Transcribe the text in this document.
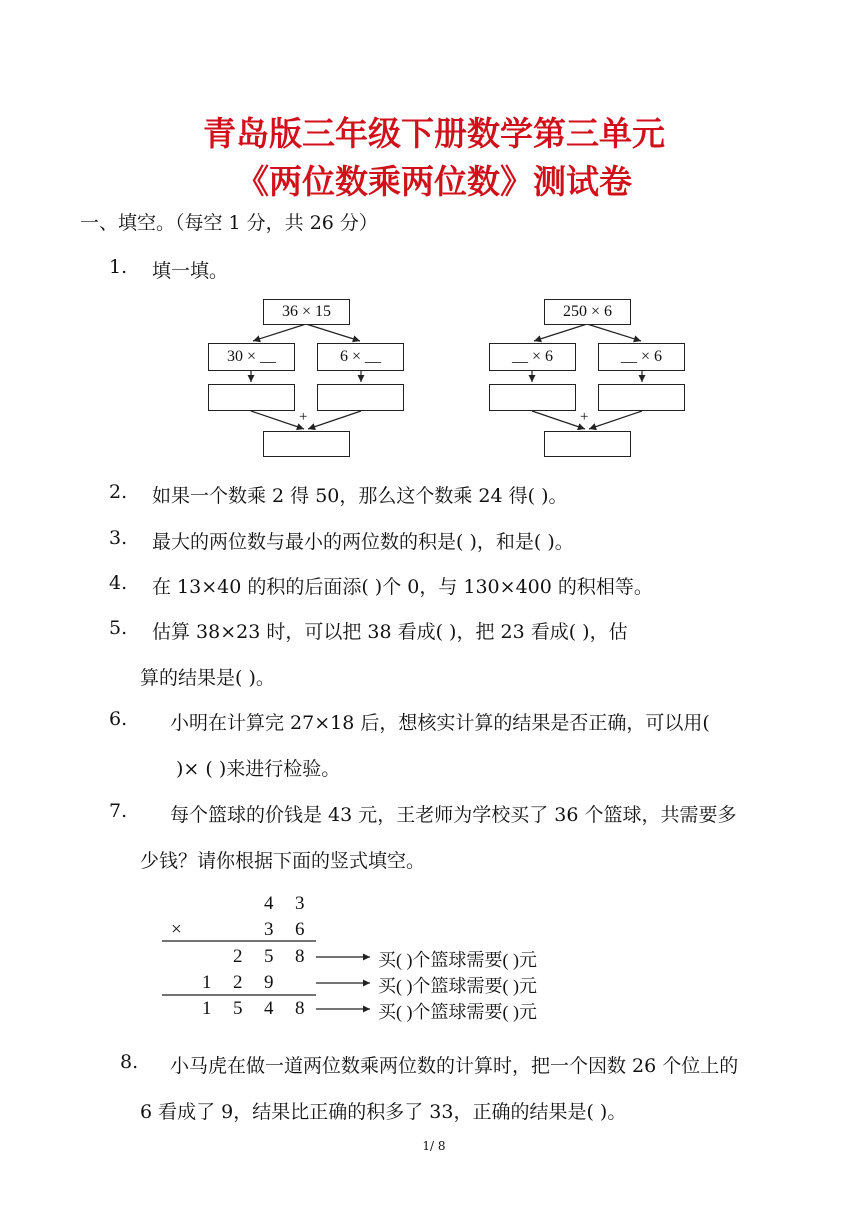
青岛版三年级下册数学第三单元
《两位数乘两位数》测试卷
一、填空。（每空 1 分，共 26 分）
1. 填一填。
36 × 15
30 × __	6 × __
+
250 × 6
__ × 6	__ × 6
+
2. 如果一个数乘 2 得 50，那么这个数乘 24 得( )。
3. 最大的两位数与最小的两位数的积是( )，和是( )。
4. 在 13×40 的积的后面添( )个 0，与 130×400 的积相等。
5. 估算 38×23 时，可以把 38 看成( )，把 23 看成( )，估
算的结果是( )。
6. 小明在计算完 27×18 后，想核实计算的结果是否正确，可以用(
)× ( )来进行检验。
7. 每个篮球的价钱是 43 元，王老师为学校买了 36 个篮球，共需要多
少钱？请你根据下面的竖式填空。
4 3
×	3 6
2 5 8
1 2 9
1 5 4 8
买( )个篮球需要( )元
买( )个篮球需要( )元
买( )个篮球需要( )元
8. 小马虎在做一道两位数乘两位数的计算时，把一个因数 26 个位上的
6 看成了 9，结果比正确的积多了 33，正确的结果是( )。
1/ 8
